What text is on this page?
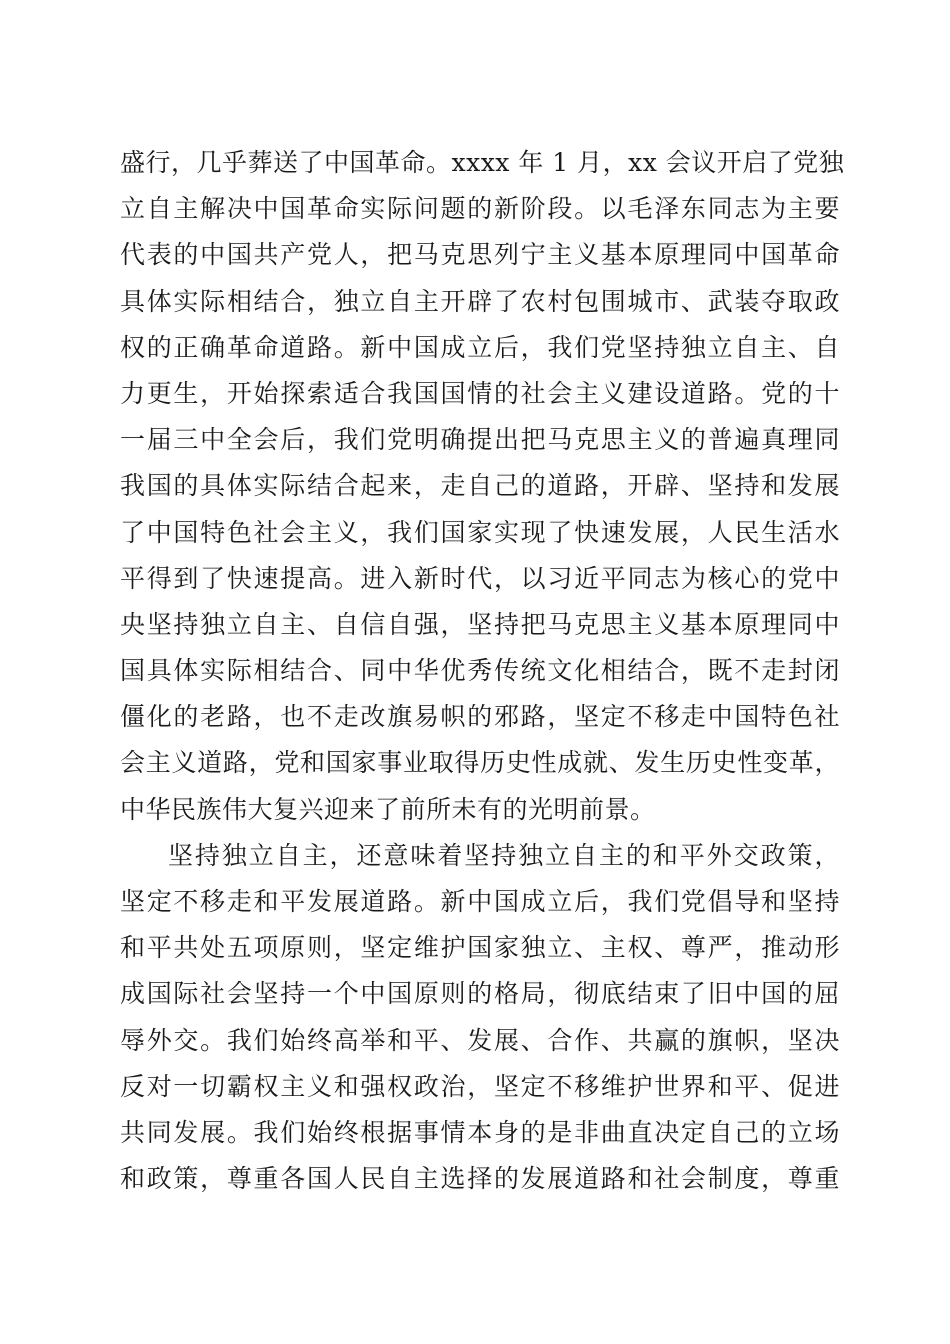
盛行，几乎葬送了中国革命。xxxx 年 1 月，xx 会议开启了党独
立自主解决中国革命实际问题的新阶段。以毛泽东同志为主要
代表的中国共产党人，把马克思列宁主义基本原理同中国革命
具体实际相结合，独立自主开辟了农村包围城市、武装夺取政
权的正确革命道路。新中国成立后，我们党坚持独立自主、自
力更生，开始探索适合我国国情的社会主义建设道路。党的十
一届三中全会后，我们党明确提出把马克思主义的普遍真理同
我国的具体实际结合起来，走自己的道路，开辟、坚持和发展
了中国特色社会主义，我们国家实现了快速发展，人民生活水
平得到了快速提高。进入新时代，以习近平同志为核心的党中
央坚持独立自主、自信自强，坚持把马克思主义基本原理同中
国具体实际相结合、同中华优秀传统文化相结合，既不走封闭
僵化的老路，也不走改旗易帜的邪路，坚定不移走中国特色社
会主义道路，党和国家事业取得历史性成就、发生历史性变革，
中华民族伟大复兴迎来了前所未有的光明前景。
坚持独立自主，还意味着坚持独立自主的和平外交政策，
坚定不移走和平发展道路。新中国成立后，我们党倡导和坚持
和平共处五项原则，坚定维护国家独立、主权、尊严，推动形
成国际社会坚持一个中国原则的格局，彻底结束了旧中国的屈
辱外交。我们始终高举和平、发展、合作、共赢的旗帜，坚决
反对一切霸权主义和强权政治，坚定不移维护世界和平、促进
共同发展。我们始终根据事情本身的是非曲直决定自己的立场
和政策，尊重各国人民自主选择的发展道路和社会制度，尊重
